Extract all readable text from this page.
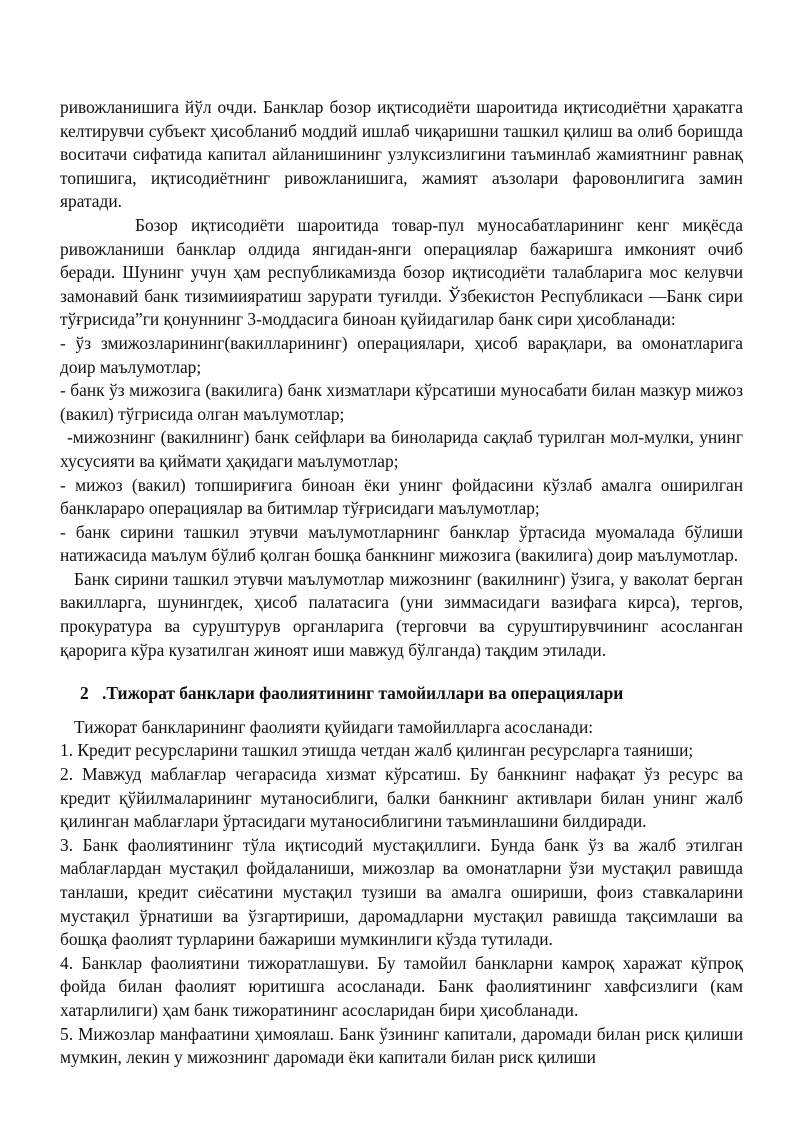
ривожланишига йўл очди. Банклар бозор иқтисодиёти шароитида иқтисодиётни ҳаракатга келтирувчи субъект ҳисобланиб моддий ишлаб чиқаришни ташкил қилиш ва олиб боришда воситачи сифатида капитал айланишининг узлуксизлигини таъминлаб жамиятнинг равнақ топишига, иқтисодиётнинг ривожланишига, жамият аъзолари фаровонлигига замин яратади.

Бозор иқтисодиёти шароитида товар-пул муносабатларининг кенг миқёсда ривожланиши банклар олдида янгидан-янги операциялар бажаришга имконият очиб беради. Шунинг учун ҳам республикамизда бозор иқтисодиёти талабларига мос келувчи замонавий банк тизимиияратиш зарурати туғилди. Ўзбекистон Республикаси —Банк сири тўғрисида”ги қонуннинг 3-моддасига биноан қуйидагилар банк сири ҳисобланади:

- ўз змижозларининг(вакилларининг) операциялари, ҳисоб варақлари, ва омонатларига доир маълумотлар;

- банк ўз мижозига (вакилига) банк хизматлари кўрсатиши муносабати билан мазкур мижоз (вакил) тўгрисида олган маълумотлар;

-мижознинг (вакилнинг) банк сейфлари ва биноларида сақлаб турилган мол-мулки, унинг хусусияти ва қиймати ҳақидаги маълумотлар;

- мижоз (вакил) топшириғига биноан ёки унинг фойдасини кўзлаб амалга оширилган банклараро операциялар ва битимлар тўғрисидаги маълумотлар;

- банк сирини ташкил этувчи маълумотларнинг банклар ўртасида муомалада бўлиши натижасида маълум бўлиб қолган бошқа банкнинг мижозига (вакилига) доир маълумотлар.

Банк сирини ташкил этувчи маълумотлар мижознинг (вакилнинг) ўзига, у ваколат берган вакилларга, шунингдек, ҳисоб палатасига (уни зиммасидаги вазифага кирса), тергов, прокуратура ва суруштурув органларига (терговчи ва суруштирувчининг асосланган қарорига кўра кузатилган жиноят иши мавжуд бўлганда) тақдим этилади.

2 .Тижорат банклари фаолиятининг тамойиллари ва операциялари

Тижорат банкларининг фаолияти қуйидаги тамойилларга асосланади:

1. Кредит ресурсларини ташкил этишда четдан жалб қилинган ресурсларга таяниши;

2. Мавжуд маблағлар чегарасида хизмат кўрсатиш. Бу банкнинг нафақат ўз ресурс ва кредит қўйилмаларининг мутаносиблиги, балки банкнинг активлари билан унинг жалб қилинган маблағлари ўртасидаги мутаносиблигини таъминлашини билдиради.

3. Банк фаолиятининг тўла иқтисодий мустақиллиги. Бунда банк ўз ва жалб этилган маблағлардан мустақил фойдаланиши, мижозлар ва омонатларни ўзи мустақил равишда танлаши, кредит сиёсатини мустақил тузиши ва амалга ошириши, фоиз ставкаларини мустақил ўрнатиши ва ўзгартириши, даромадларни мустақил равишда тақсимлаши ва бошқа фаолият турларини бажариши мумкинлиги кўзда тутилади.

4. Банклар фаолиятини тижоратлашуви. Бу тамойил банкларни камроқ харажат кўпроқ фойда билан фаолият юритишга асосланади. Банк фаолиятининг хавфсизлиги (кам хатарлилиги) ҳам банк тижоратининг асосларидан бири ҳисобланади.

5. Мижозлар манфаатини ҳимоялаш. Банк ўзининг капитали, даромади билан риск қилиши мумкин, лекин у мижознинг даромади ёки капитали билан риск қилиши
